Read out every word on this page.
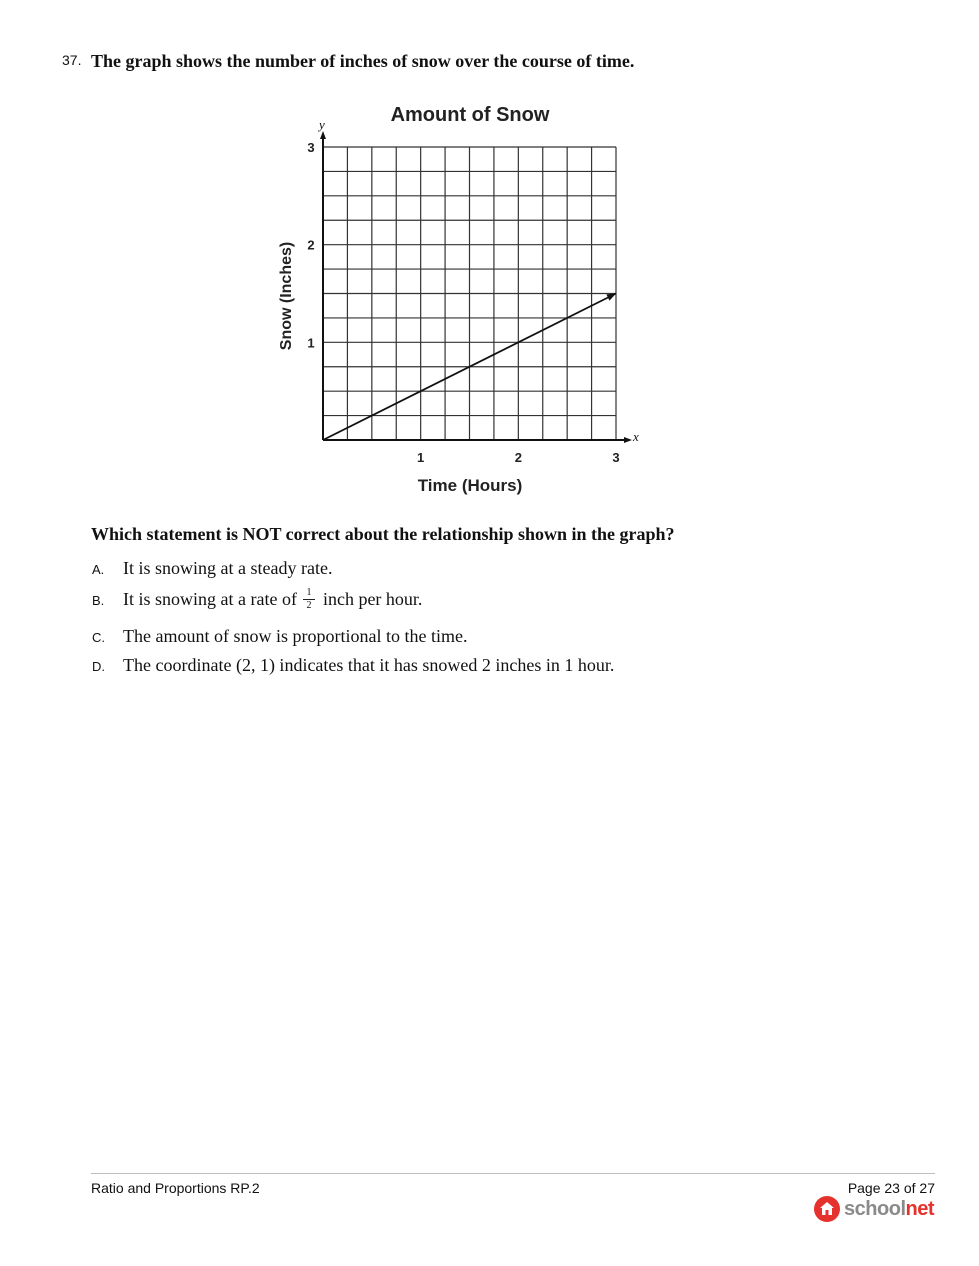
37. The graph shows the number of inches of snow over the course of time.
Amount of Snow
Snow (Inches)
Time (Hours)
x
y
1	2	3
1
2
3
Which statement is NOT correct about the relationship shown in the graph?
A.	It is snowing at a steady rate.
B.	It is snowing at a rate of $\frac{1}{2}$ inch per hour.
C.	The amount of snow is proportional to the time.
D.	The coordinate (2, 1) indicates that it has snowed 2 inches in 1 hour.
Ratio and Proportions RP.2	Page 23 of 27
schoolnet
